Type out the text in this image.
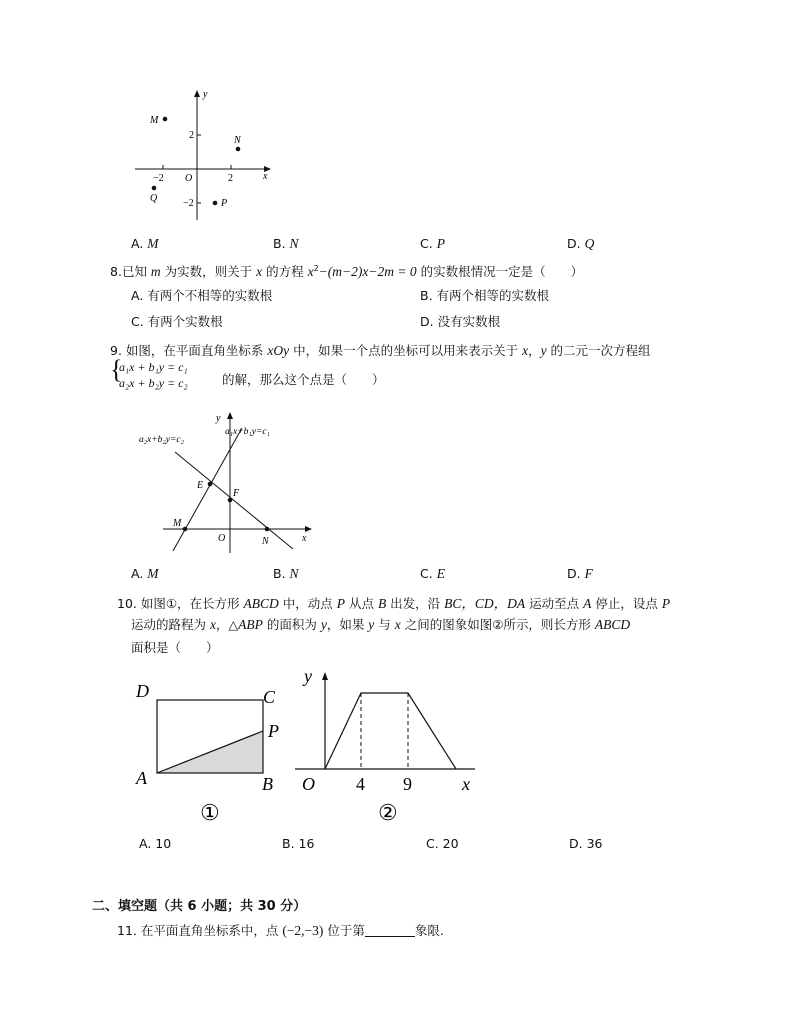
x
y
O	2
−2
2
−2
M
N
Q	P
A. M	B. N	C. P	D. Q
8.已知 m 为实数，则关于 x 的方程 $x^2-(m-2)x-2m = 0$ 的实数根情况一定是（　　）
A. 有两个不相等的实数根	B. 有两个相等的实数根
C. 有两个实数根	D. 没有实数根
9. 如图，在平面直角坐标系 xOy 中，如果一个点的坐标可以用来表示关于 x，y 的二元一次方程组
{
a₁x + b₁y = c₁
a₂x + b₂y = c₂	的解，那么这个点是（　　）
E
F
M
N
O	x
y
a₁x+b₁y=c₁
a₂x+b₂y=c₂
A. M	B. N	C. E	D. F
10. 如图①，在长方形 ABCD 中，动点 P 从点 B 出发，沿 BC，CD，DA 运动至点 A 停止，设点 P
运动的路程为 x，△ABP 的面积为 y，如果 y 与 x 之间的图象如图②所示，则长方形 ABCD
面积是（　　）
D	C
P
A	B
①
y
x
O 4 9
②
A. 10	B. 16	C. 20	D. 36
二、填空题（共 6 小题；共 30 分）
11. 在平面直角坐标系中，点 (−2,−3) 位于第	象限.
